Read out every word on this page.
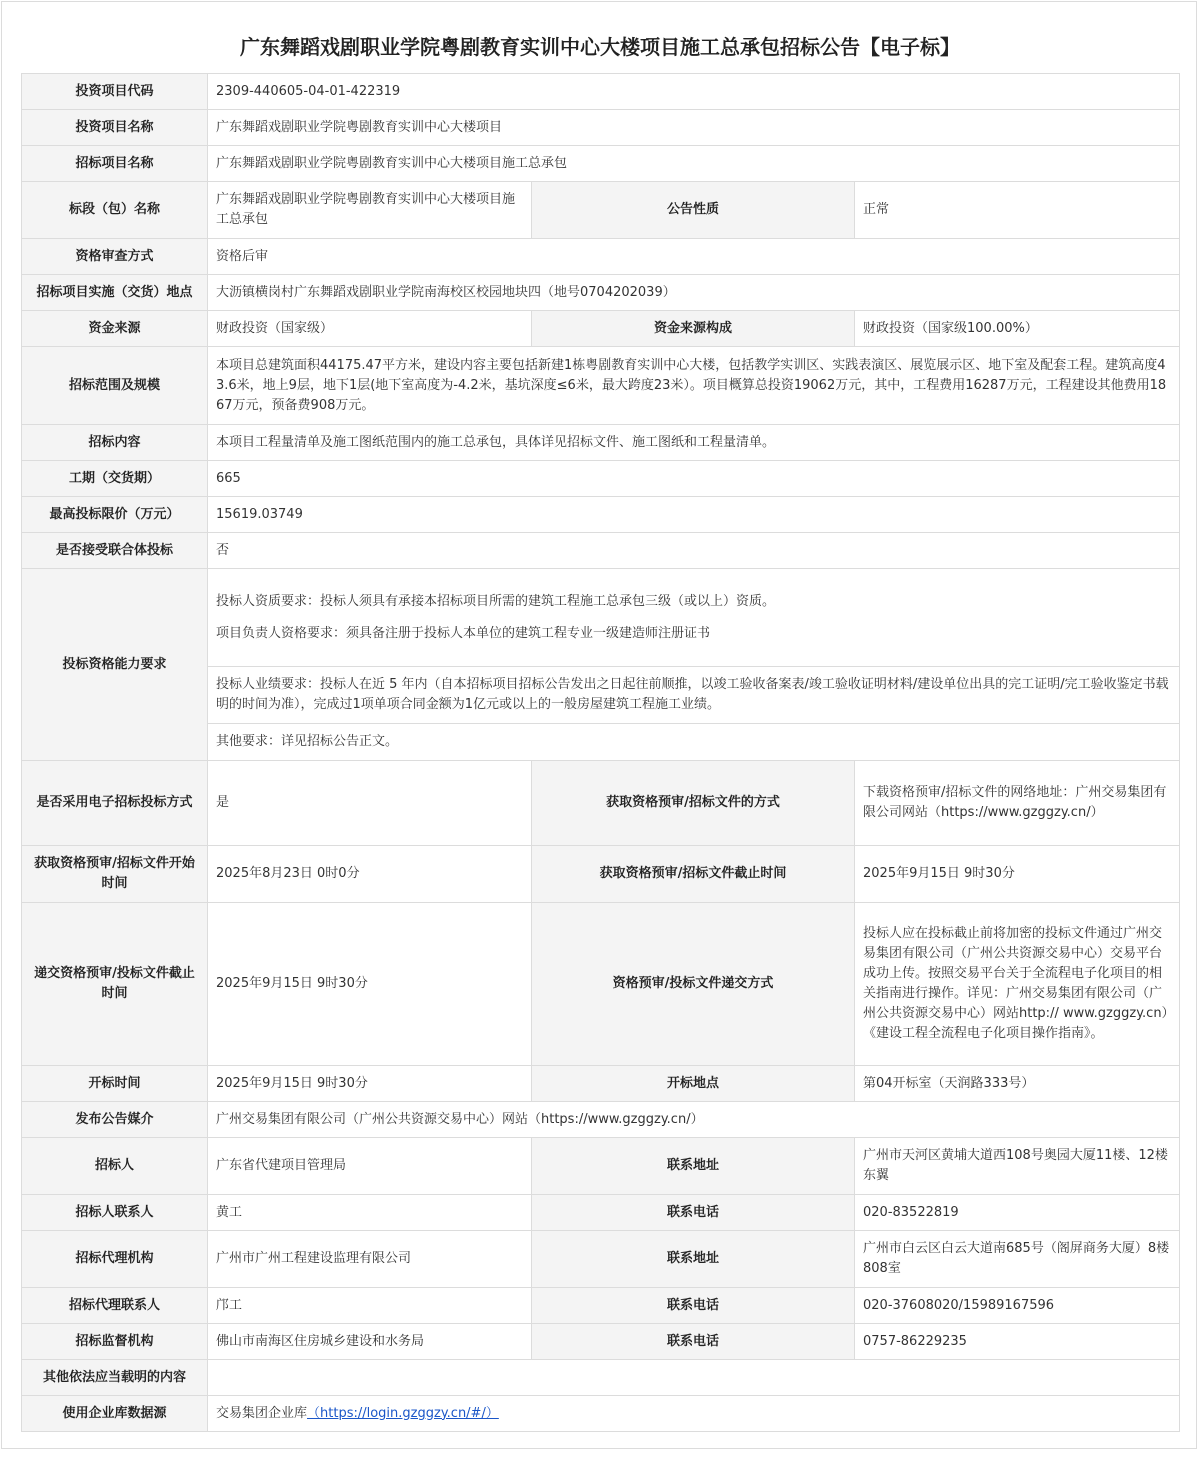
广东舞蹈戏剧职业学院粤剧教育实训中心大楼项目施工总承包招标公告【电子标】
投资项目代码	2309-440605-04-01-422319		
投资项目名称	广东舞蹈戏剧职业学院粤剧教育实训中心大楼项目		
招标项目名称	广东舞蹈戏剧职业学院粤剧教育实训中心大楼项目施工总承包		
标段（包）名称	广东舞蹈戏剧职业学院粤剧教育实训中心大楼项目施工总承包	公告性质	正常
资格审查方式	资格后审		
招标项目实施（交货）地点	大沥镇横岗村广东舞蹈戏剧职业学院南海校区校园地块四（地号0704202039）		
资金来源	财政投资（国家级）	资金来源构成	财政投资（国家级100.00%）
招标范围及规模	本项目总建筑面积44175.47平方米，建设内容主要包括新建1栋粤剧教育实训中心大楼，包括教学实训区、实践表演区、展览展示区、地下室及配套工程。建筑高度43.6米，地上9层，地下1层(地下室高度为-4.2米，基坑深度≤6米，最大跨度23米）。项目概算总投资19062万元，其中，工程费用16287万元，工程建设其他费用1867万元，预备费908万元。		
招标内容	本项目工程量清单及施工图纸范围内的施工总承包，具体详见招标文件、施工图纸和工程量清单。		
工期（交货期）	665		
最高投标限价（万元）	15619.03749		
是否接受联合体投标	否		
投标资格能力要求	投标人资质要求：投标人须具有承接本招标项目所需的建筑工程施工总承包三级（或以上）资质。
项目负责人资格要求：须具备注册于投标人本单位的建筑工程专业一级建造师注册证书		

	投标人业绩要求：投标人在近 5 年内（自本招标项目招标公告发出之日起往前顺推，以竣工验收备案表/竣工验收证明材料/建设单位出具的完工证明/完工验收鉴定书载明的时间为准），完成过1项单项合同金额为1亿元或以上的一般房屋建筑工程施工业绩。		
	其他要求：详见招标公告正文。		
是否采用电子招标投标方式	是	获取资格预审/招标文件的方式	下载资格预审/招标文件的网络地址：广州交易集团有限公司网站（https://www.gzggzy.cn/）
获取资格预审/招标文件开始时间	2025年8月23日 0时0分	获取资格预审/招标文件截止时间	2025年9月15日 9时30分
递交资格预审/投标文件截止时间	2025年9月15日 9时30分	资格预审/投标文件递交方式	投标人应在投标截止前将加密的投标文件通过广州交易集团有限公司（广州公共资源交易中心）交易平台成功上传。按照交易平台关于全流程电子化项目的相关指南进行操作。详见：广州交易集团有限公司（广州公共资源交易中心）网站http:// www.gzggzy.cn）《建设工程全流程电子化项目操作指南》。
开标时间	2025年9月15日 9时30分	开标地点	第04开标室（天润路333号）
发布公告媒介	广州交易集团有限公司（广州公共资源交易中心）网站（https://www.gzggzy.cn/）		
招标人	广东省代建项目管理局	联系地址	广州市天河区黄埔大道西108号奥园大厦11楼、12楼东翼
招标人联系人	黄工	联系电话	020-83522819
招标代理机构	广州市广州工程建设监理有限公司	联系地址	广州市白云区白云大道南685号（阁屏商务大厦）8楼808室
招标代理联系人	邝工	联系电话	020-37608020/15989167596
招标监督机构	佛山市南海区住房城乡建设和水务局	联系电话	0757-86229235
其他依法应当载明的内容			
使用企业库数据源	交易集团企业库（https://login.gzggzy.cn/#/）		
